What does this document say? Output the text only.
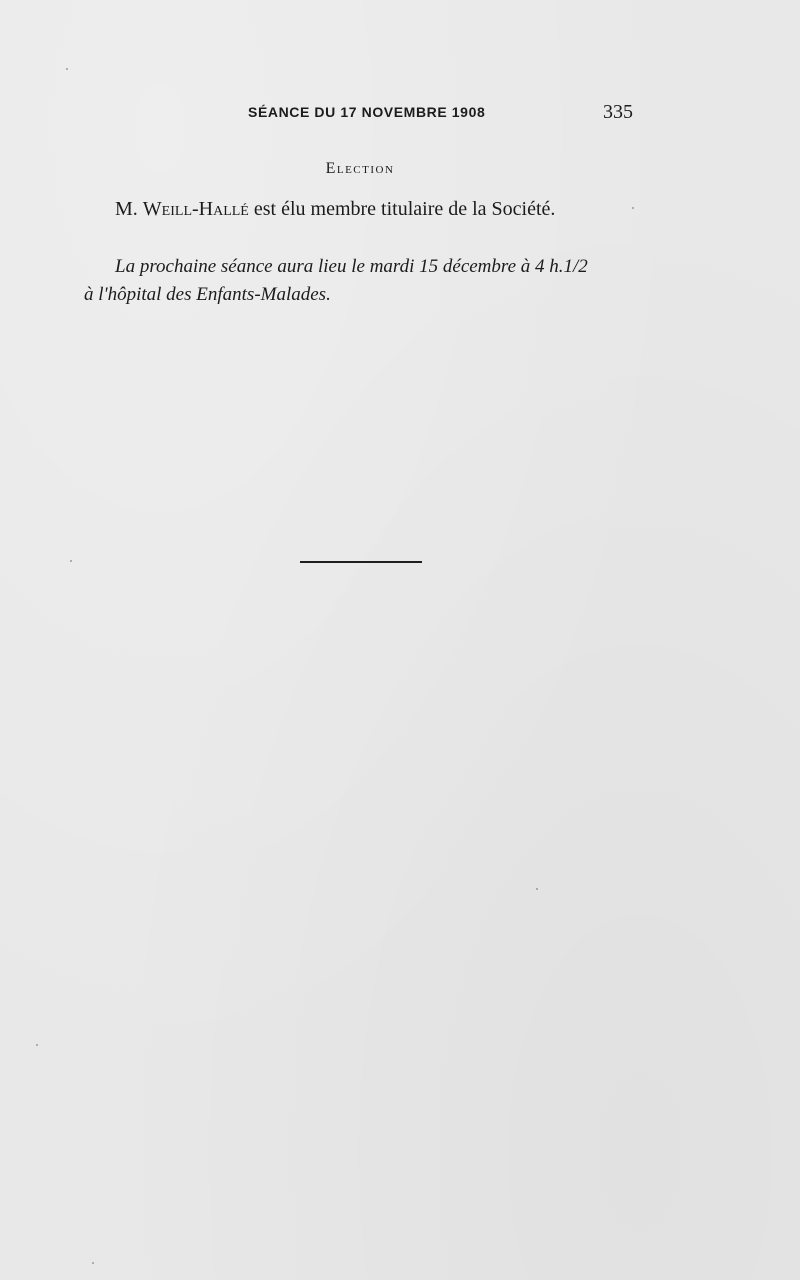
SÉANCE DU 17 NOVEMBRE 1908	335
Election
M. Weill-Hallé est élu membre titulaire de la Société.
La prochaine séance aura lieu le mardi 15 décembre à 4 h.1/2
à l'hôpital des Enfants-Malades.
